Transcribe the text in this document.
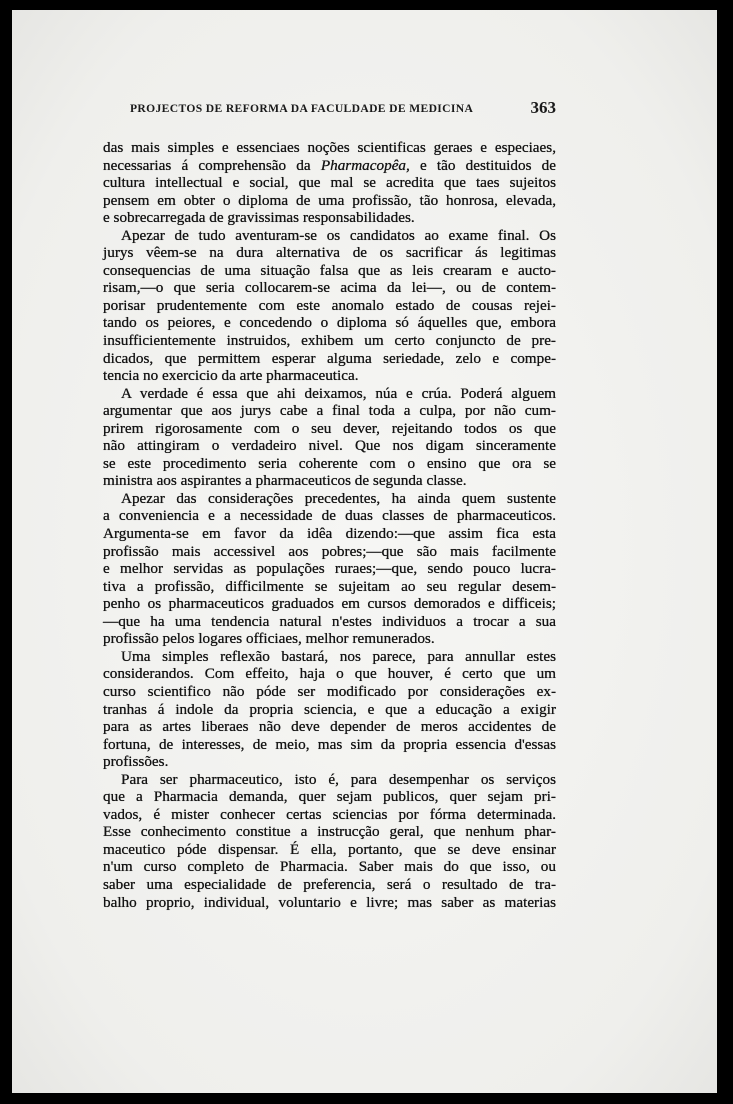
PROJECTOS DE REFORMA DA FACULDADE DE MEDICINA	363
das mais simples e essenciaes noções scientificas geraes e especiaes,
necessarias á comprehensão da Pharmacopêa, e tão destituidos de
cultura intellectual e social, que mal se acredita que taes sujeitos
pensem em obter o diploma de uma profissão, tão honrosa, elevada,
e sobrecarregada de gravissimas responsabilidades.
Apezar de tudo aventuram-se os candidatos ao exame final. Os
jurys vêem-se na dura alternativa de os sacrificar ás legitimas
consequencias de uma situação falsa que as leis crearam e aucto-
risam,—o que seria collocarem-se acima da lei—, ou de contem-
porisar prudentemente com este anomalo estado de cousas rejei-
tando os peiores, e concedendo o diploma só áquelles que, embora
insufficientemente instruidos, exhibem um certo conjuncto de pre-
dicados, que permittem esperar alguma seriedade, zelo e compe-
tencia no exercicio da arte pharmaceutica.
A verdade é essa que ahi deixamos, núa e crúa. Poderá alguem
argumentar que aos jurys cabe a final toda a culpa, por não cum-
prirem rigorosamente com o seu dever, rejeitando todos os que
não attingiram o verdadeiro nivel. Que nos digam sinceramente
se este procedimento seria coherente com o ensino que ora se
ministra aos aspirantes a pharmaceuticos de segunda classe.
Apezar das considerações precedentes, ha ainda quem sustente
a conveniencia e a necessidade de duas classes de pharmaceuticos.
Argumenta-se em favor da idêa dizendo:—que assim fica esta
profissão mais accessivel aos pobres;—que são mais facilmente
e melhor servidas as populações ruraes;—que, sendo pouco lucra-
tiva a profissão, difficilmente se sujeitam ao seu regular desem-
penho os pharmaceuticos graduados em cursos demorados e difficeis;
—que ha uma tendencia natural n'estes individuos a trocar a sua
profissão pelos logares officiaes, melhor remunerados.
Uma simples reflexão bastará, nos parece, para annullar estes
considerandos. Com effeito, haja o que houver, é certo que um
curso scientifico não póde ser modificado por considerações ex-
tranhas á indole da propria sciencia, e que a educação a exigir
para as artes liberaes não deve depender de meros accidentes de
fortuna, de interesses, de meio, mas sim da propria essencia d'essas
profissões.
Para ser pharmaceutico, isto é, para desempenhar os serviços
que a Pharmacia demanda, quer sejam publicos, quer sejam pri-
vados, é mister conhecer certas sciencias por fórma determinada.
Esse conhecimento constitue a instrucção geral, que nenhum phar-
maceutico póde dispensar. É ella, portanto, que se deve ensinar
n'um curso completo de Pharmacia. Saber mais do que isso, ou
saber uma especialidade de preferencia, será o resultado de tra-
balho proprio, individual, voluntario e livre; mas saber as materias
